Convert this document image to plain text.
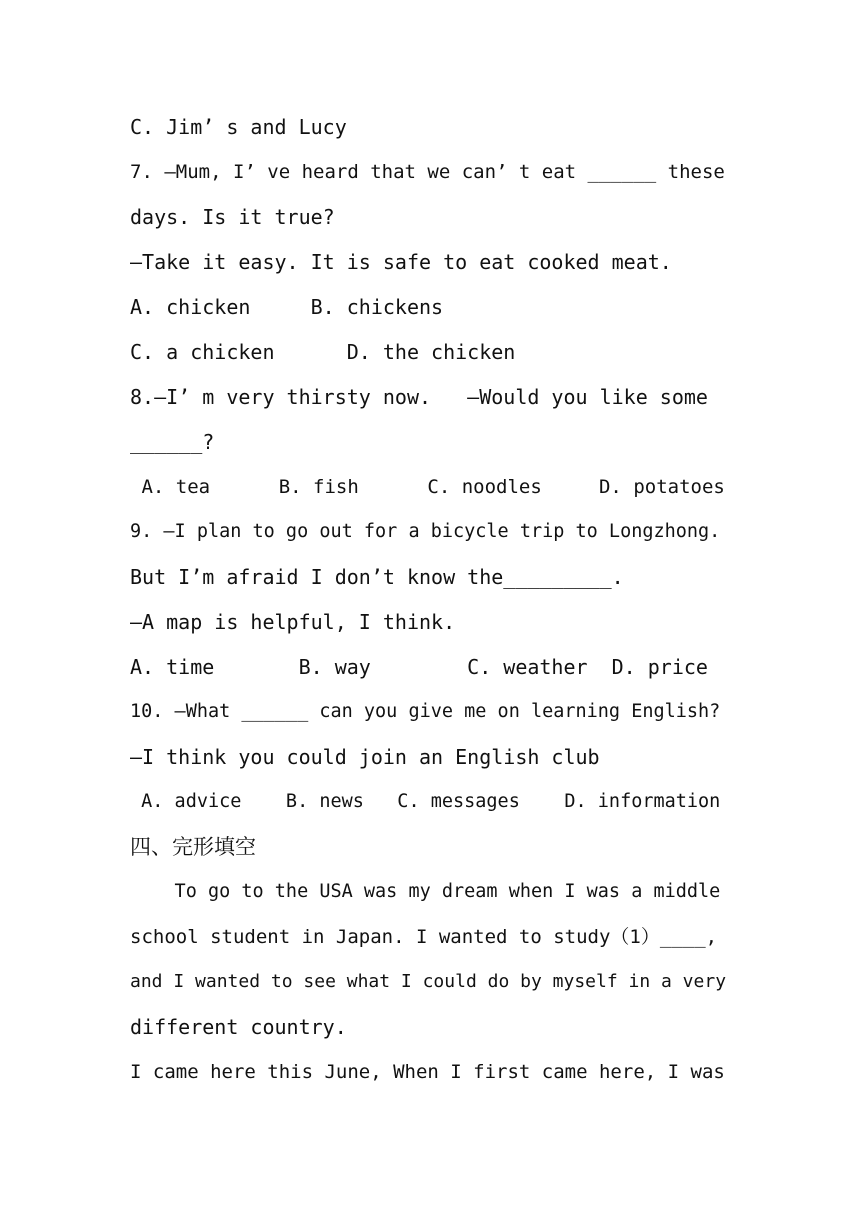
C. Jim’ s and Lucy
7. —Mum, I’ ve heard that we can’ t eat ______ these
days. Is it true?
—Take it easy. It is safe to eat cooked meat.
A. chicken     B. chickens
C. a chicken      D. the chicken
8.—I’ m very thirsty now.   —Would you like some
______?
A. tea      B. fish      C. noodles     D. potatoes
9. —I plan to go out for a bicycle trip to Longzhong.
But I’m afraid I don’t know the_________.
—A map is helpful, I think.
A. time       B. way        C. weather  D. price
10. —What ______ can you give me on learning English?
—I think you could join an English club
A. advice    B. news   C. messages    D. information
四、完形填空
To go to the USA was my dream when I was a middle
school student in Japan. I wanted to study（1）____,
and I wanted to see what I could do by myself in a very
different country.
I came here this June, When I first came here, I was
